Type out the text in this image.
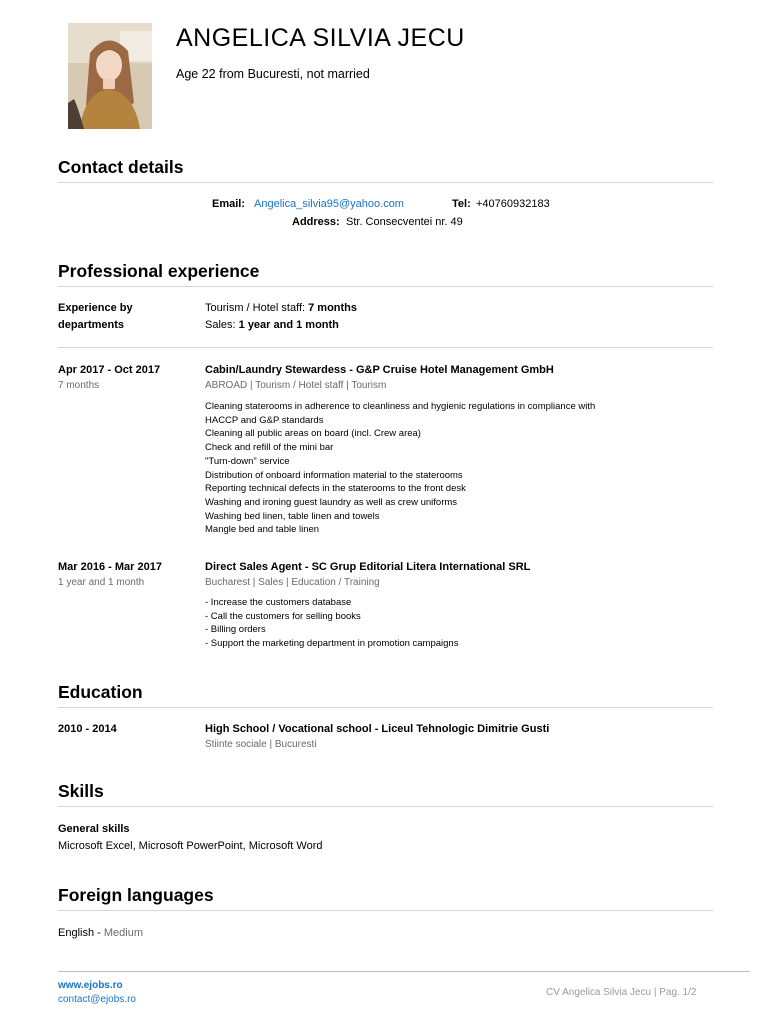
ANGELICA SILVIA JECU
Age 22 from Bucuresti, not married
Contact details
Email: Angelica_silvia95@yahoo.com	Tel: +40760932183
Address: Str. Consecventei nr. 49
Professional experience
Experience by
departments
Tourism / Hotel staff: 7 months
Sales: 1 year and 1 month
Apr 2017 - Oct 2017
7 months
Cabin/Laundry Stewardess - G&P Cruise Hotel Management GmbH
ABROAD | Tourism / Hotel staff | Tourism
Cleaning staterooms in adherence to cleanliness and hygienic regulations in compliance with
HACCP and G&P standards
Cleaning all public areas on board (incl. Crew area)
Check and refill of the mini bar
"Turn-down" service
Distribution of onboard information material to the staterooms
Reporting technical defects in the staterooms to the front desk
Washing and ironing guest laundry as well as crew uniforms
Washing bed linen, table linen and towels
Mangle bed and table linen
Mar 2016 - Mar 2017
1 year and 1 month
Direct Sales Agent - SC Grup Editorial Litera International SRL
Bucharest | Sales | Education / Training
- Increase the customers database
- Call the customers for selling books
- Billing orders
- Support the marketing department in promotion campaigns
Education
2010 - 2014	High School / Vocational school - Liceul Tehnologic Dimitrie Gusti
Stiinte sociale | Bucuresti
Skills
General skills
Microsoft Excel, Microsoft PowerPoint, Microsoft Word
Foreign languages
English - Medium
www.ejobs.ro
contact@ejobs.ro
CV Angelica Silvia Jecu | Pag. 1/2
